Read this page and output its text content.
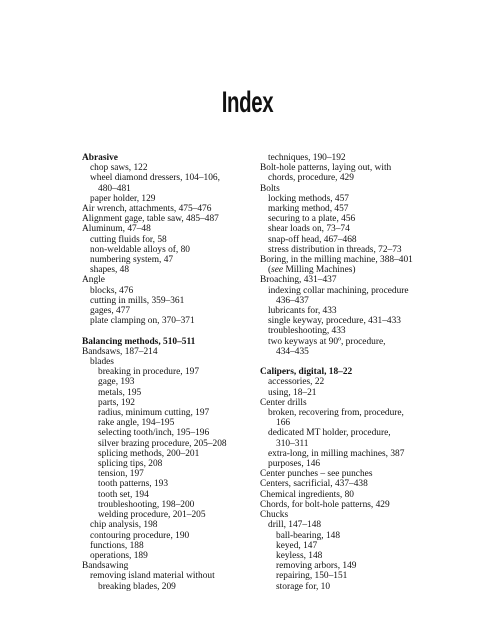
Index
Abrasive
chop saws, 122
wheel diamond dressers, 104–106,
480–481
paper holder, 129
Air wrench, attachments, 475–476
Alignment gage, table saw, 485–487
Aluminum, 47–48
cutting fluids for, 58
non-weldable alloys of, 80
numbering system, 47
shapes, 48
Angle
blocks, 476
cutting in mills, 359–361
gages, 477
plate clamping on, 370–371
Balancing methods, 510–511
Bandsaws, 187–214
blades
breaking in procedure, 197
gage, 193
metals, 195
parts, 192
radius, minimum cutting, 197
rake angle, 194–195
selecting tooth/inch, 195–196
silver brazing procedure, 205–208
splicing methods, 200–201
splicing tips, 208
tension, 197
tooth patterns, 193
tooth set, 194
troubleshooting, 198–200
welding procedure, 201–205
chip analysis, 198
contouring procedure, 190
functions, 188
operations, 189
Bandsawing
removing island material without
breaking blades, 209
techniques, 190–192
Bolt-hole patterns, laying out, with
chords, procedure, 429
Bolts
locking methods, 457
marking method, 457
securing to a plate, 456
shear loads on, 73–74
snap-off head, 467–468
stress distribution in threads, 72–73
Boring, in the milling machine, 388–401
(see Milling Machines)
Broaching, 431–437
indexing collar machining, procedure
436–437
lubricants for, 433
single keyway, procedure, 431–433
troubleshooting, 433
two keyways at 90º, procedure,
434–435
Calipers, digital, 18–22
accessories, 22
using, 18–21
Center drills
broken, recovering from, procedure,
166
dedicated MT holder, procedure,
310–311
extra-long, in milling machines, 387
purposes, 146
Center punches – see punches
Centers, sacrificial, 437–438
Chemical ingredients, 80
Chords, for bolt-hole patterns, 429
Chucks
drill, 147–148
ball-bearing, 148
keyed, 147
keyless, 148
removing arbors, 149
repairing, 150–151
storage for, 10
